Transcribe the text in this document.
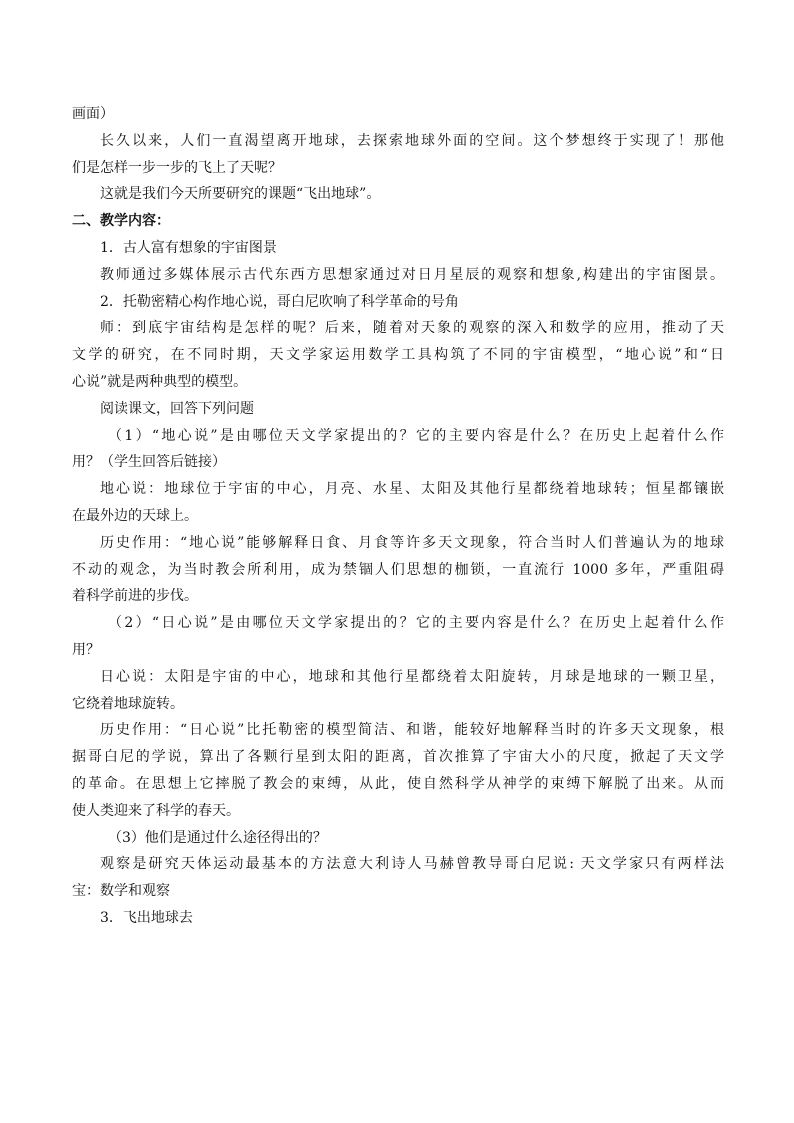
画面）
长久以来，人们一直渴望离开地球，去探索地球外面的空间。这个梦想终于实现了！那他
们是怎样一步一步的飞上了天呢？
这就是我们今天所要研究的课题“飞出地球”。
二、教学内容：
1．古人富有想象的宇宙图景
教师通过多媒体展示古代东西方思想家通过对日月星辰的观察和想象,构建出的宇宙图景。
2．托勒密精心构作地心说，哥白尼吹响了科学革命的号角
师：到底宇宙结构是怎样的呢？后来，随着对天象的观察的深入和数学的应用，推动了天
文学的研究，在不同时期，天文学家运用数学工具构筑了不同的宇宙模型，“地心说”和“日
心说”就是两种典型的模型。
阅读课文，回答下列问题
（1）“地心说”是由哪位天文学家提出的？它的主要内容是什么？在历史上起着什么作
用？（学生回答后链接）
地心说：地球位于宇宙的中心，月亮、水星、太阳及其他行星都绕着地球转；恒星都镶嵌
在最外边的天球上。
历史作用：“地心说”能够解释日食、月食等许多天文现象，符合当时人们普遍认为的地球
不动的观念，为当时教会所利用，成为禁锢人们思想的枷锁，一直流行 1000 多年，严重阻碍
着科学前进的步伐。
（2）“日心说”是由哪位天文学家提出的？它的主要内容是什么？在历史上起着什么作
用？
日心说：太阳是宇宙的中心，地球和其他行星都绕着太阳旋转，月球是地球的一颗卫星，
它绕着地球旋转。
历史作用：“日心说”比托勒密的模型简洁、和谐，能较好地解释当时的许多天文现象，根
据哥白尼的学说，算出了各颗行星到太阳的距离，首次推算了宇宙大小的尺度，掀起了天文学
的革命。在思想上它摔脱了教会的束缚，从此，使自然科学从神学的束缚下解脱了出来。从而
使人类迎来了科学的春天。
（3）他们是通过什么途径得出的？
观察是研究天体运动最基本的方法意大利诗人马赫曾教导哥白尼说: 天文学家只有两样法
宝：数学和观察
3．飞出地球去
